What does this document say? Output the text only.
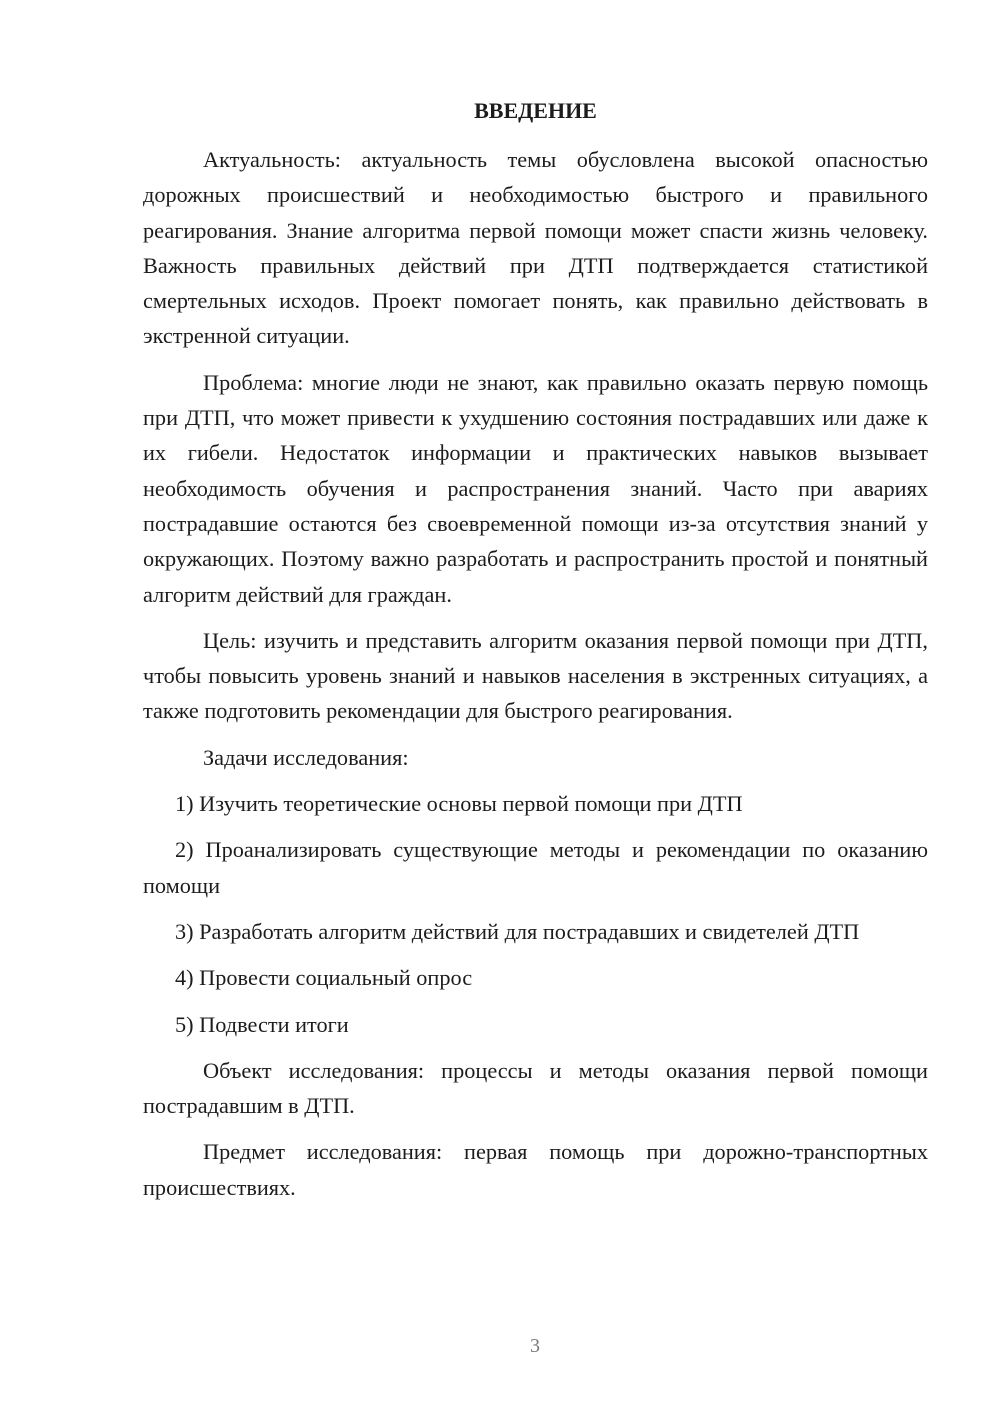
ВВЕДЕНИЕ

Актуальность: актуальность темы обусловлена высокой опасностью дорожных происшествий и необходимостью быстрого и правильного реагирования. Знание алгоритма первой помощи может спасти жизнь человеку. Важность правильных действий при ДТП подтверждается статистикой смертельных исходов. Проект помогает понять, как правильно действовать в экстренной ситуации.

Проблема: многие люди не знают, как правильно оказать первую помощь при ДТП, что может привести к ухудшению состояния пострадавших или даже к их гибели. Недостаток информации и практических навыков вызывает необходимость обучения и распространения знаний. Часто при авариях пострадавшие остаются без своевременной помощи из-за отсутствия знаний у окружающих. Поэтому важно разработать и распространить простой и понятный алгоритм действий для граждан.

Цель: изучить и представить алгоритм оказания первой помощи при ДТП, чтобы повысить уровень знаний и навыков населения в экстренных ситуациях, а также подготовить рекомендации для быстрого реагирования.

Задачи исследования:

1) Изучить теоретические основы первой помощи при ДТП

2) Проанализировать существующие методы и рекомендации по оказанию помощи

3) Разработать алгоритм действий для пострадавших и свидетелей ДТП

4) Провести социальный опрос

5) Подвести итоги

Объект исследования: процессы и методы оказания первой помощи пострадавшим в ДТП.

Предмет исследования: первая помощь при дорожно-транспортных происшествиях.

3
